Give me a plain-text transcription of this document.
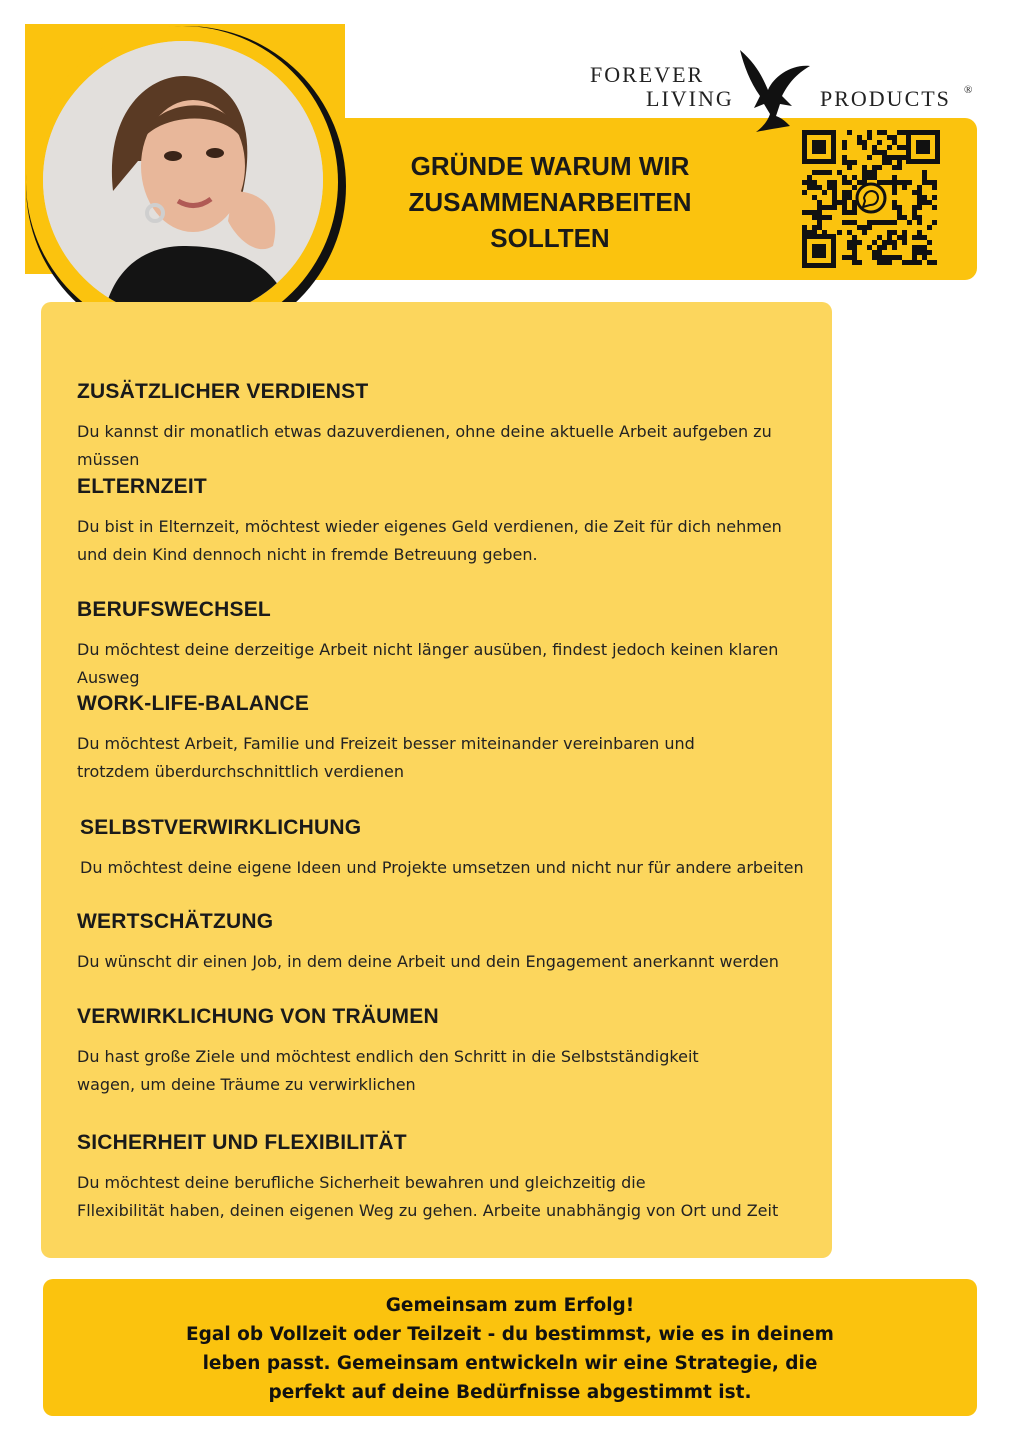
FOREVER
LIVING	PRODUCTS ®
GRÜNDE WARUM WIR
ZUSAMMENARBEITEN
SOLLTEN
ZUSÄTZLICHER VERDIENST

Du kannst dir monatlich etwas dazuverdienen, ohne deine aktuelle Arbeit aufgeben zu müssen

ELTERNZEIT

Du bist in Elternzeit, möchtest wieder eigenes Geld verdienen, die Zeit für dich nehmen und dein Kind dennoch nicht in fremde Betreuung geben.

BERUFSWECHSEL

Du möchtest deine derzeitige Arbeit nicht länger ausüben, findest jedoch keinen klaren Ausweg

WORK-LIFE-BALANCE

Du möchtest Arbeit, Familie und Freizeit besser miteinander vereinbaren und trotzdem überdurchschnittlich verdienen

SELBSTVERWIRKLICHUNG

Du möchtest deine eigene Ideen und Projekte umsetzen und nicht nur für andere arbeiten

WERTSCHÄTZUNG

Du wünscht dir einen Job, in dem deine Arbeit und dein Engagement anerkannt werden

VERWIRKLICHUNG VON TRÄUMEN

Du hast große Ziele und möchtest endlich den Schritt in die Selbstständigkeit
wagen, um deine Träume zu verwirklichen

SICHERHEIT UND FLEXIBILITÄT

Du möchtest deine berufliche Sicherheit bewahren und gleichzeitig die
Fllexibilität haben, deinen eigenen Weg zu gehen. Arbeite unabhängig von Ort und Zeit

Gemeinsam zum Erfolg!
Egal ob Vollzeit oder Teilzeit - du bestimmst, wie es in deinem
leben passt. Gemeinsam entwickeln wir eine Strategie, die
perfekt auf deine Bedürfnisse abgestimmt ist.
